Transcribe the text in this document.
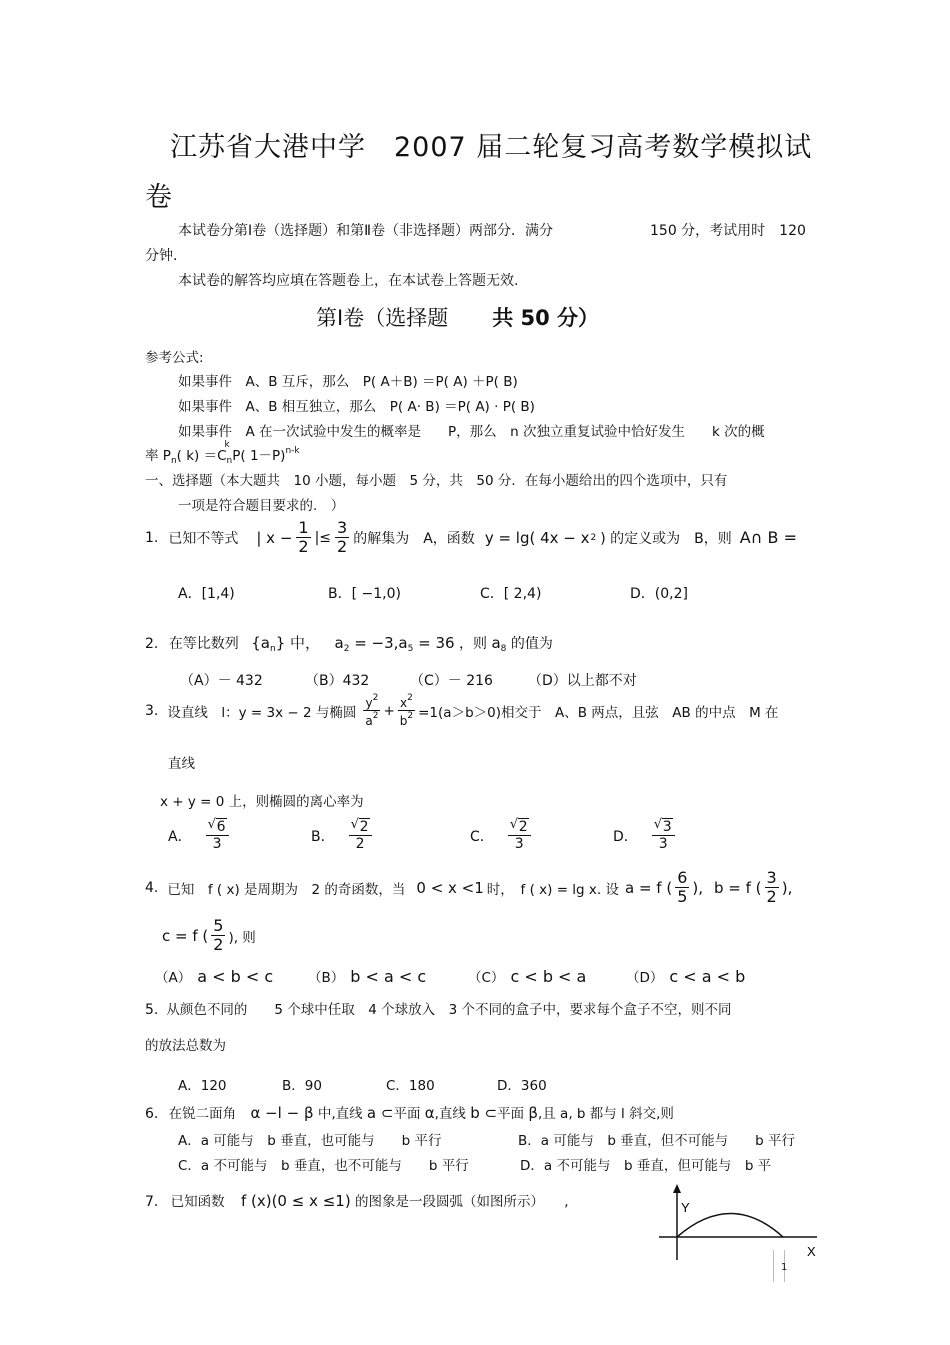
江苏省大港中学　2007 届二轮复习高考数学模拟试
卷
本试卷分第Ⅰ卷（选择题）和第Ⅱ卷（非选择题）两部分．满分	150 分，考试用时　120
分钟.
本试卷的解答均应填在答题卷上，在本试卷上答题无效.
第Ⅰ卷（选择题 共 50 分）
参考公式:
如果事件　A、B 互斥，那么　P( A＋B) ＝P( A) ＋P( B)
如果事件　A、B 相互独立，那么　P( A· B) ＝P( A) · P( B)
如果事件　A 在一次试验中发生的概率是　　P，那么　n 次独立重复试验中恰好发生　　k 次的概
率 $P_n$( k) ＝C
k
$_n$P( 1－P)$^{n-k}$
一、选择题（本大题共　10 小题，每小题　5 分，共　50 分．在每小题给出的四个选项中，只有
一项是符合题目要求的.　）
1. 已知不等式 | $x - \frac{1}{2}$ |≤ $\frac{3}{2}$ 的解集为　A，函数 y = lg( 4x − x 2 ) 的定义或为　B，则 A∩ B =
A．[1,4)	B．[ −1,0)	C．[ 2,4)	D．(0,2]
2. 在等比数列 $\{a_n\}$ 中， $a_2 = -3,a_5 = 36$ ，则 $a_8$ 的值为
（A）－ 432	（B）432	（C）－ 216	（D）以上都不对
3. 设直线　l：y = 3x − 2 与椭圆 $\frac{y^2}{a^2} + \frac{x^2}{b^2} =1(a>b>0)$相交于　A、B 两点，且弦　AB 的中点　M 在
直线
x + y = 0 上，则椭圆的离心率为
A． $\frac{√ 6}{3}$	B． $\frac{√ 2}{2}$	C． $\frac{√ 2}{3}$	D． $\frac{√ 3}{3}$
4. 已知　f ( x) 是周期为　2 的奇函数，当 0 < x <1 时，　f ( x) = lg x. 设 a = f ( $\frac{6}{5}$ ), b = f ( $\frac{3}{2}$ ),
c = f ( $\frac{5}{2}$ ), 则
（A） a < b < c	（B） b < a < c	（C） c < b < a	（D） c < a < b
5. 从颜色不同的　　5 个球中任取　4 个球放入　3 个不同的盒子中，要求每个盒子不空，则不同
的放法总数为
A．120	B．90	C．180	D．360
6. 在锐二面角 α −l − β 中,直线 a ⊂平面 α,直线 b ⊂平面 β,且 a, b 都与 l 斜交,则
A．a 可能与　b 垂直，也可能与　　b 平行	B．a 可能与　b 垂直，但不可能与　　b 平行
C．a 不可能与　b 垂直，也不可能与　　b 平行	D．a 不可能与　b 垂直，但可能与　b 平
7. 已知函数 f (x)(0 ≤ x ≤1) 的图象是一段圆弧（如图所示）　　,	Y
X
1
